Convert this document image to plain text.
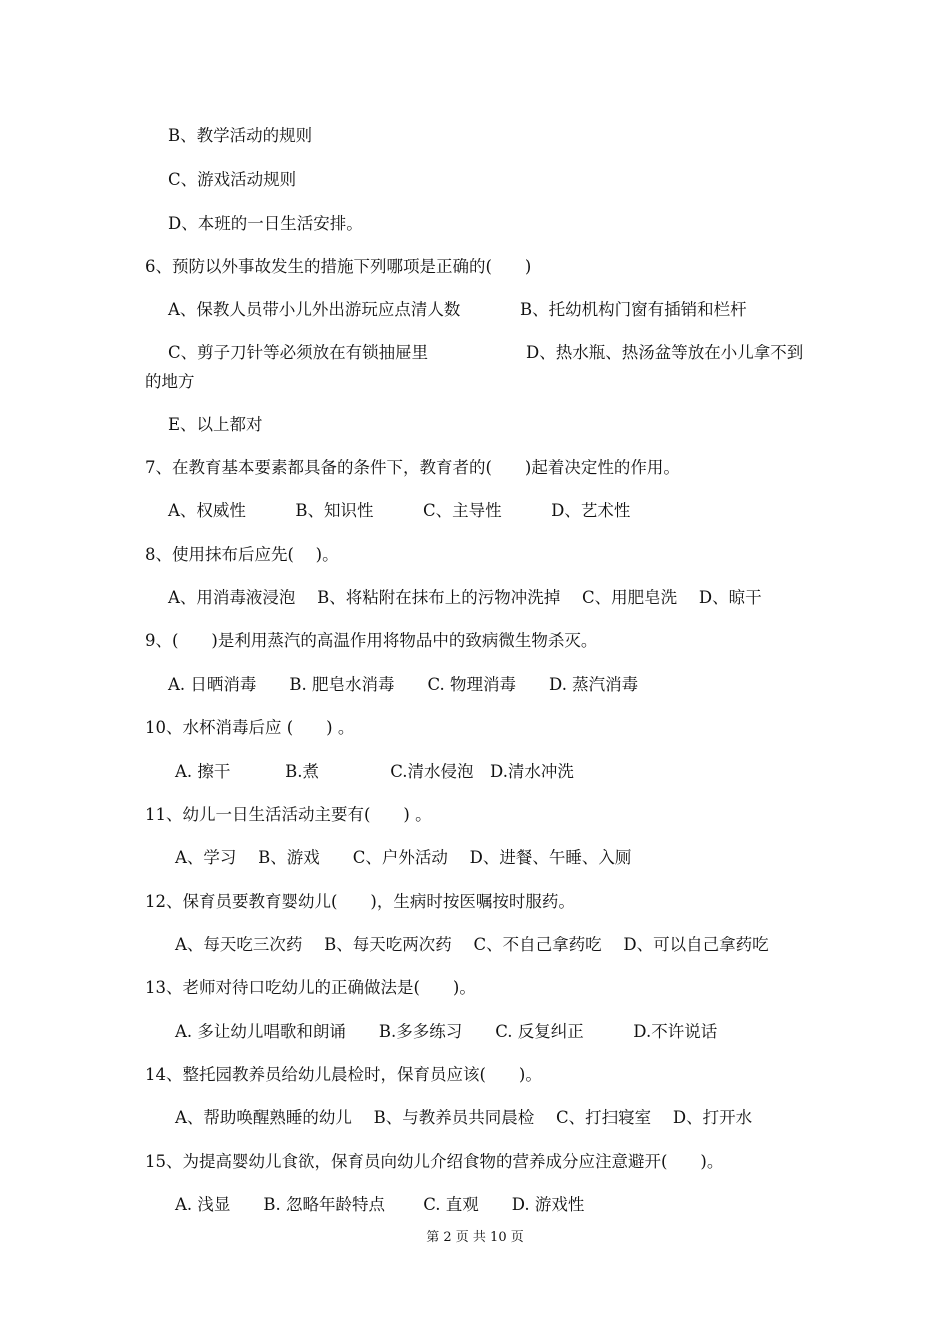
B、教学活动的规则

C、游戏活动规则

D、本班的一日生活安排。

6、预防以外事故发生的措施下列哪项是正确的(　　)

A、保教人员带小儿外出游玩应点清人数	B、托幼机构门窗有插销和栏杆

C、剪子刀针等必须放在有锁抽屉里	D、热水瓶、热汤盆等放在小儿拿不到

的地方

E、以上都对

7、在教育基本要素都具备的条件下，教育者的(　　)起着决定性的作用。

A、权威性　　　B、知识性　　　C、主导性　　　D、艺术性

8、使用抹布后应先(　 )。

A、用消毒液浸泡　 B、将粘附在抹布上的污物冲洗掉　 C、用肥皂洗　 D、晾干

9、(　　)是利用蒸汽的高温作用将物品中的致病微生物杀灭。

A. 日晒消毒　　B. 肥皂水消毒　　C. 物理消毒　　D. 蒸汽消毒

10、水杯消毒后应 (　　) 。

A. 擦干　　　 B.煮　　　　 C.清水侵泡　D.清水冲洗

11、幼儿一日生活活动主要有(　　) 。

A、学习　 B、游戏　　C、户外活动　 D、进餐、午睡、入厕

12、保育员要教育婴幼儿(　　)，生病时按医嘱按时服药。

A、每天吃三次药　 B、每天吃两次药　 C、不自己拿药吃　 D、可以自己拿药吃

13、老师对待口吃幼儿的正确做法是(　　)。

A. 多让幼儿唱歌和朗诵　　B.多多练习　　C. 反复纠正　　　D.不许说话

14、整托园教养员给幼儿晨检时，保育员应该(　　)。

A、帮助唤醒熟睡的幼儿　 B、与教养员共同晨检　 C、打扫寝室　 D、打开水

15、为提高婴幼儿食欲，保育员向幼儿介绍食物的营养成分应注意避开(　　)。

A. 浅显　　B. 忽略年龄特点　　 C. 直观　　D. 游戏性

第 2 页 共 10 页
